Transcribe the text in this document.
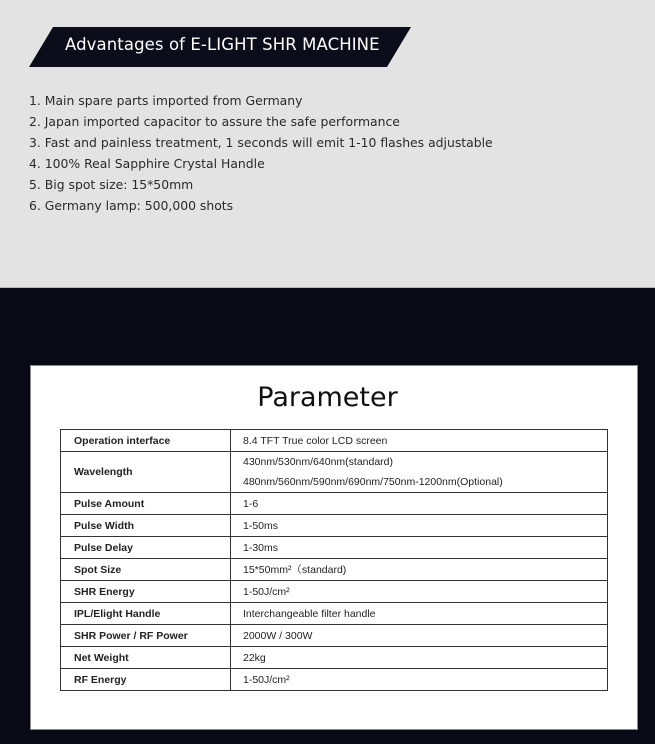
Advantages of E-LIGHT SHR MACHINE
1. Main spare parts imported from Germany
2. Japan imported capacitor to assure the safe performance
3. Fast and painless treatment, 1 seconds will emit 1-10 flashes adjustable
4. 100% Real Sapphire Crystal Handle
5. Big spot size: 15*50mm
6. Germany lamp: 500,000 shots
Parameter
Operation interface	8.4 TFT True color LCD screen
Wavelength	430nm/530nm/640nm(standard)
480nm/560nm/590nm/690nm/750nm-1200nm(Optional)

Pulse Amount	1-6
Pulse Width	1-50ms
Pulse Delay	1-30ms
Spot Size	15*50mm²（standard)
SHR Energy	1-50J/cm²
IPL/Elight Handle	Interchangeable filter handle
SHR Power / RF Power	2000W / 300W
Net Weight	22kg
RF Energy	1-50J/cm²
